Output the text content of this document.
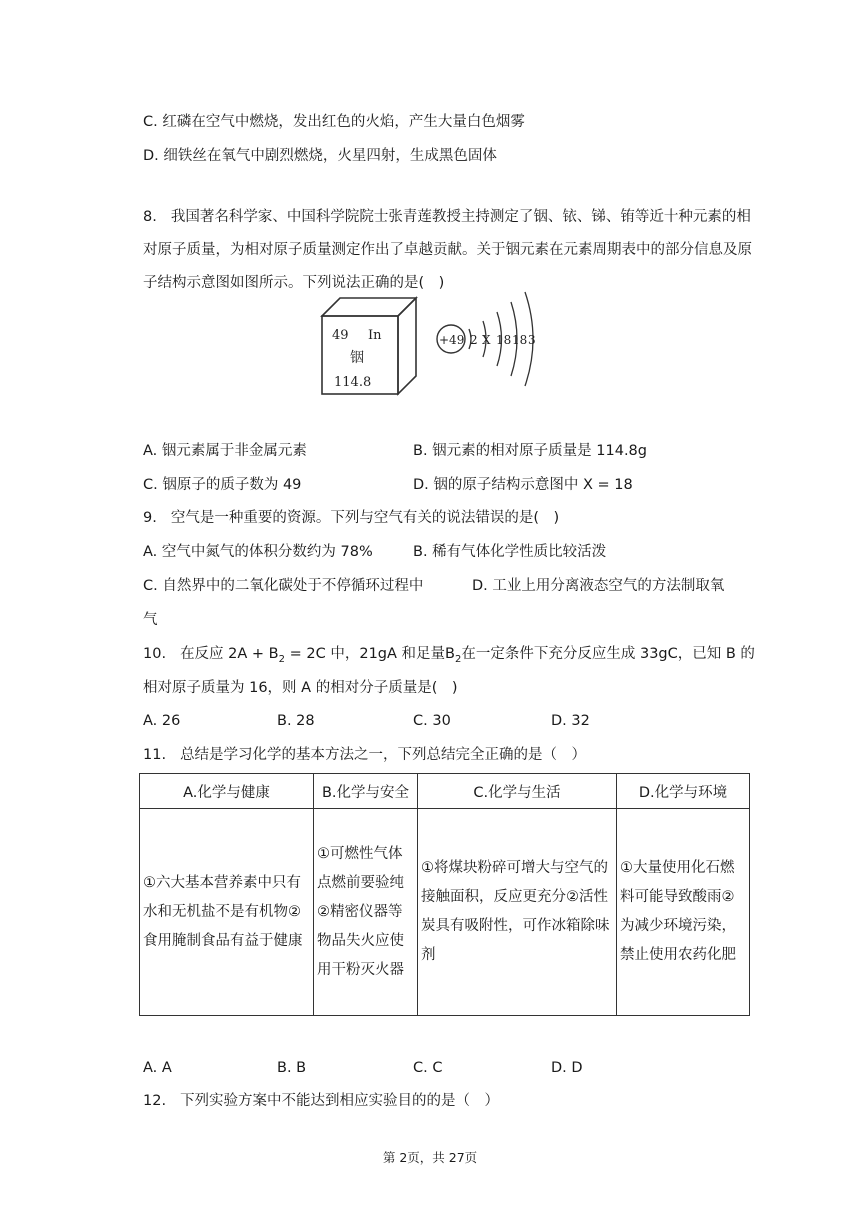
C. 红磷在空气中燃烧，发出红色的火焰，产生大量白色烟雾
D. 细铁丝在氧气中剧烈燃烧，火星四射，生成黑色固体
8. 我国著名科学家、中国科学院院士张青莲教授主持测定了铟、铱、锑、铕等近十种元素的相对原子质量，为相对原子质量测定作出了卓越贡献。关于铟元素在元素周期表中的部分信息及原子结构示意图如图所示。下列说法正确的是(　)
49 In
铟
114.8
+49 2 X 18 18 3
A. 铟元素属于非金属元素	B. 铟元素的相对原子质量是 114.8g
C. 铟原子的质子数为 49	D. 铟的原子结构示意图中 X = 18
9. 空气是一种重要的资源。下列与空气有关的说法错误的是(　)
A. 空气中氮气的体积分数约为 78%	B. 稀有气体化学性质比较活泼
C. 自然界中的二氧化碳处于不停循环过程中	D. 工业上用分离液态空气的方法制取氧
气
10. 在反应 $2A + B_2 = 2C$ 中，21gA 和足量$B_2$在一定条件下充分反应生成 33gC，已知 B 的
相对原子质量为 16，则 A 的相对分子质量是(　)
A. 26	B. 28	C. 30	D. 32
11. 总结是学习化学的基本方法之一，下列总结完全正确的是（　）
A.化学与健康	B.化学与安全	C.化学与生活	D.化学与环境
①六大基本营养素中只有水和无机盐不是有机物②食用腌制食品有益于健康	①可燃性气体点燃前要验纯②精密仪器等物品失火应使用干粉灭火器	①将煤块粉碎可增大与空气的接触面积，反应更充分②活性炭具有吸附性，可作冰箱除味剂	①大量使用化石燃料可能导致酸雨②为减少环境污染，禁止使用农药化肥
A. A	B. B	C. C	D. D
12. 下列实验方案中不能达到相应实验目的的是（　）
第 2页，共 27页
